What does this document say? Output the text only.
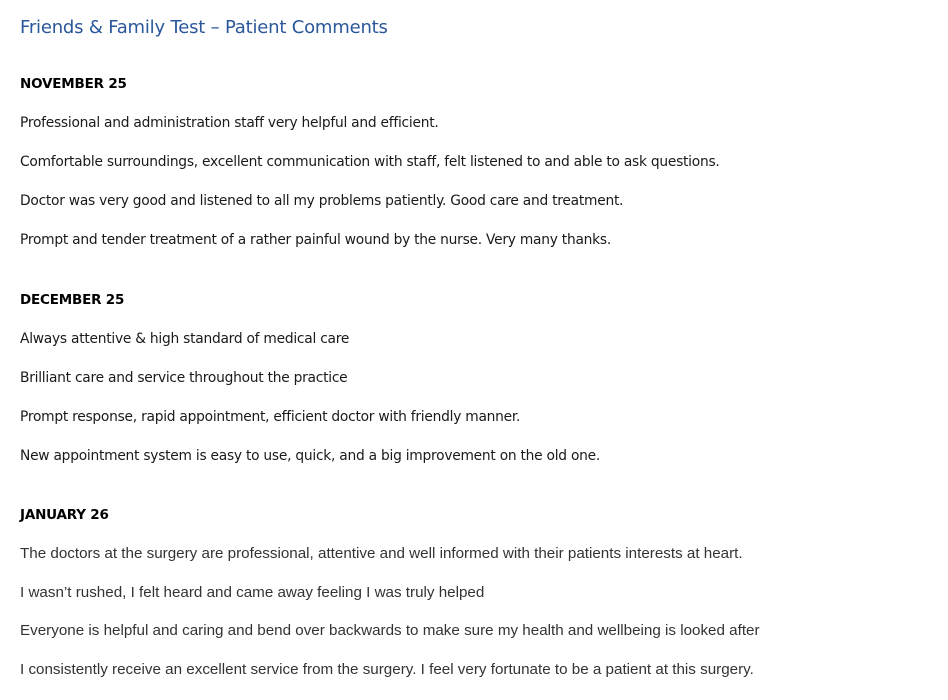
Friends & Family Test – Patient Comments
NOVEMBER 25
Professional and administration staff very helpful and efficient.
Comfortable surroundings, excellent communication with staff, felt listened to and able to ask questions.
Doctor was very good and listened to all my problems patiently. Good care and treatment.
Prompt and tender treatment of a rather painful wound by the nurse. Very many thanks.
DECEMBER 25
Always attentive & high standard of medical care
Brilliant care and service throughout the practice
Prompt response, rapid appointment, efficient doctor with friendly manner.
New appointment system is easy to use, quick, and a big improvement on the old one.
JANUARY 26
The doctors at the surgery are professional, attentive and well informed with their patients interests at heart.
I wasn’t rushed, I felt heard and came away feeling I was truly helped
Everyone is helpful and caring and bend over backwards to make sure my health and wellbeing is looked after
I consistently receive an excellent service from the surgery. I feel very fortunate to be a patient at this surgery.
